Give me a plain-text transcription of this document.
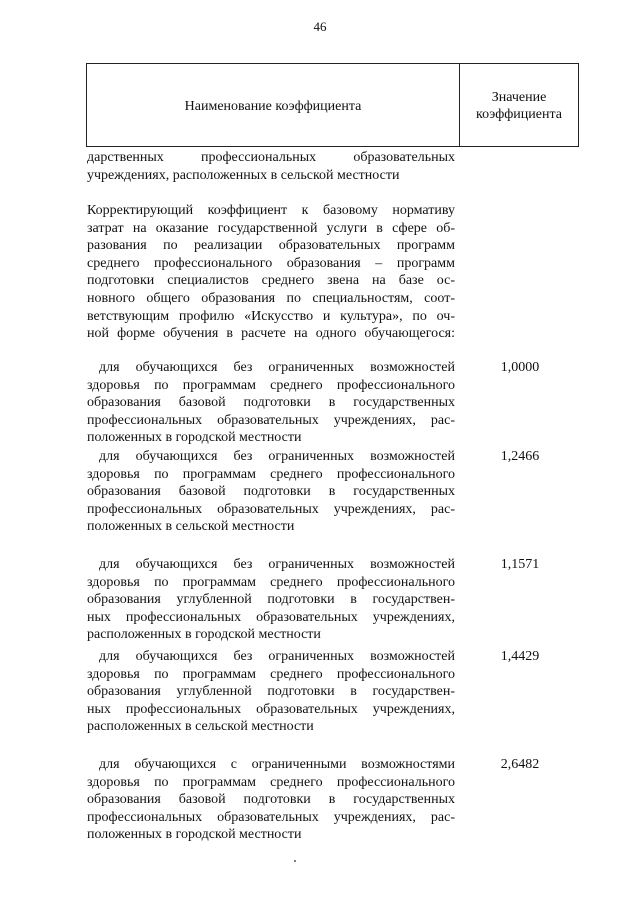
46
Наименование коэффициента
Значение
коэффициента
дарственных профессиональных образовательных
учреждениях, расположенных в сельской местности
Корректирующий коэффициент к базовому нормативу
затрат на оказание государственной услуги в сфере об-
разования по реализации образовательных программ
среднего профессионального образования – программ
подготовки специалистов среднего звена на базе ос-
новного общего образования по специальностям, соот-
ветствующим профилю «Искусство и культура», по оч-
ной форме обучения в расчете на одного обучающегося:
для обучающихся без ограниченных возможностей
здоровья по программам среднего профессионального
образования базовой подготовки в государственных
профессиональных образовательных учреждениях, рас-
положенных в городской местности
1,0000
для обучающихся без ограниченных возможностей
здоровья по программам среднего профессионального
образования базовой подготовки в государственных
профессиональных образовательных учреждениях, рас-
положенных в сельской местности
1,2466
для обучающихся без ограниченных возможностей
здоровья по программам среднего профессионального
образования углубленной подготовки в государствен-
ных профессиональных образовательных учреждениях,
расположенных в городской местности
1,1571
для обучающихся без ограниченных возможностей
здоровья по программам среднего профессионального
образования углубленной подготовки в государствен-
ных профессиональных образовательных учреждениях,
расположенных в сельской местности
1,4429
для обучающихся с ограниченными возможностями
здоровья по программам среднего профессионального
образования базовой подготовки в государственных
профессиональных образовательных учреждениях, рас-
положенных в городской местности
2,6482
